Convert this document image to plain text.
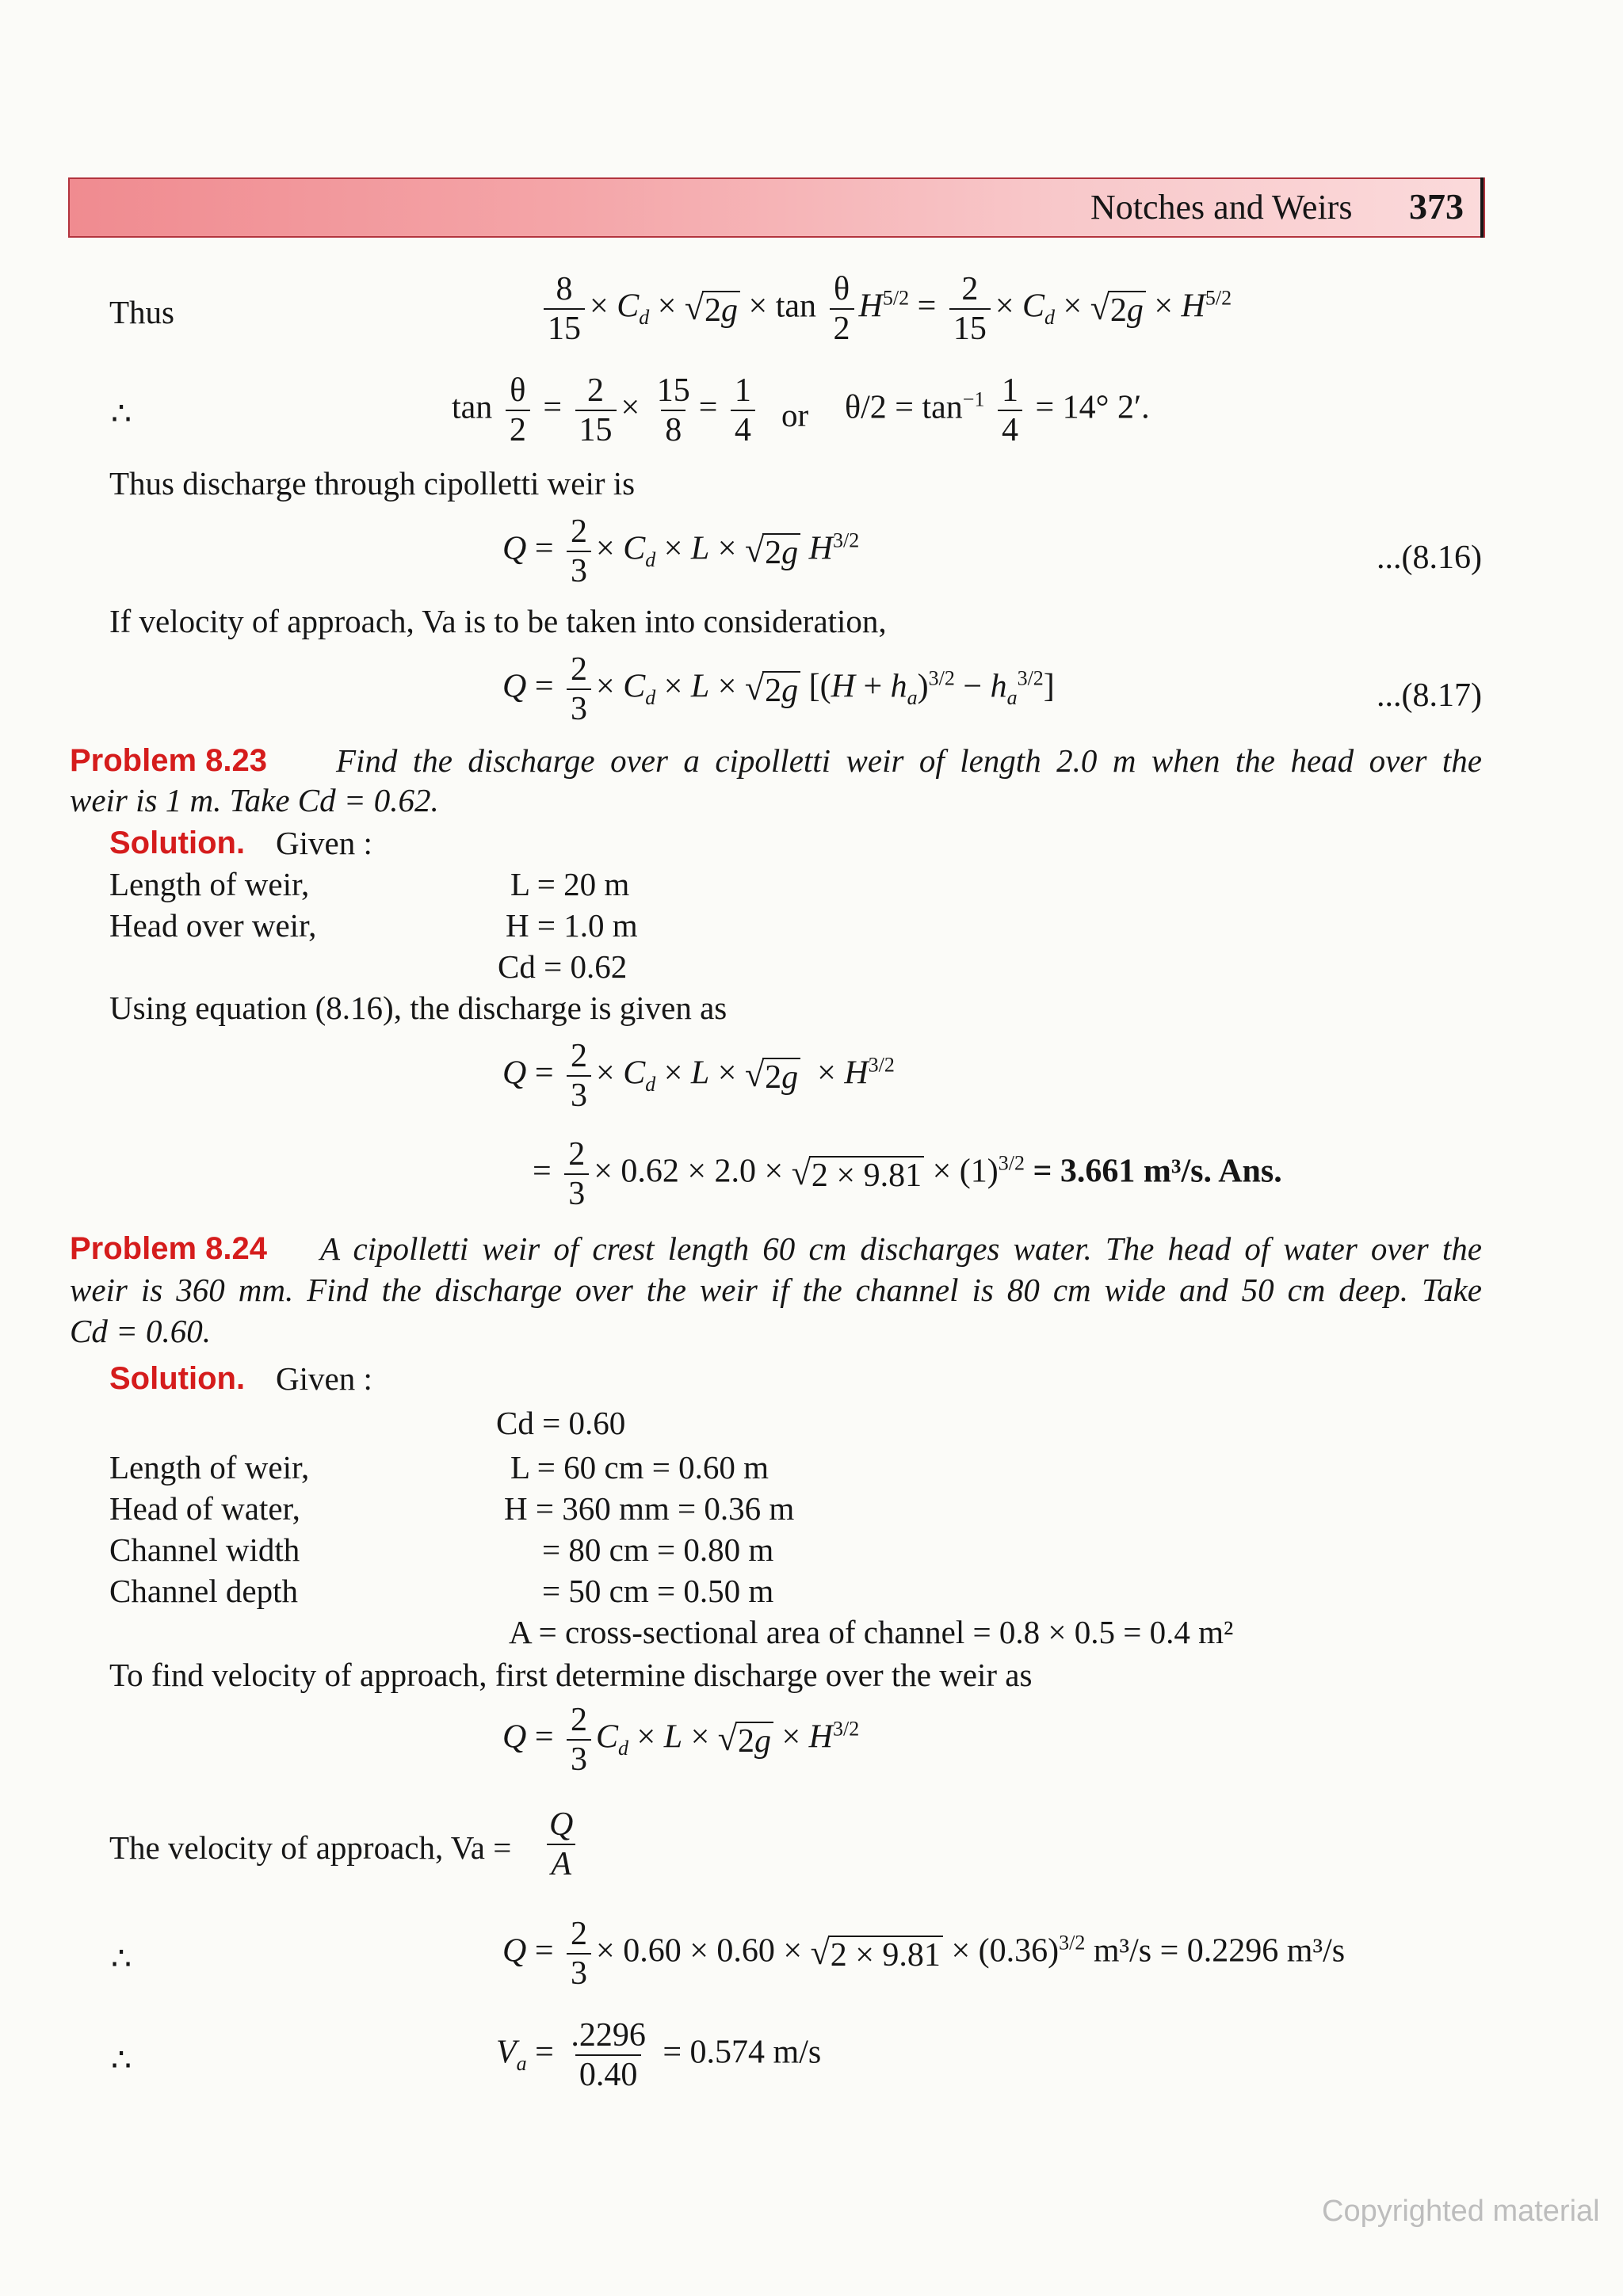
Notches and Weirs 373
Thus	$\frac{8}{15} \times C_d$ × √ $2g \times \tan \frac{\theta}{2} H^{5/2} = \frac{2}{15} \times C_d$ × √ $2g \times H^{5/2}$
∴	$\tan \frac{\theta}{2} = \frac{2}{15} \times \frac{15}{8} = \frac{1}{4}$ or $\theta/2 = \tan^{-1} \frac{1}{4} = 14^\circ$ 2′.
Thus discharge through cipolletti weir is
$Q = \frac{2}{3} \times C_d \times L$ × √ 2g $H^{3/2}$	...(8.16)
If velocity of approach, Va is to be taken into consideration,
$Q = \frac{2}{3} \times C_d \times L$ × √ 2g $[(H + h_a)^{3/2} - h_a^{3/2}]$	...(8.17)
Problem 8.23 Find the discharge over a cipolletti weir of length 2.0 m when the head over the
weir is 1 m. Take Cd = 0.62.
Solution. Given :
Length of weir,	L = 20 m
Head over weir,	H = 1.0 m
Cd = 0.62
Using equation (8.16), the discharge is given as
$Q = \frac{2}{3} \times C_d \times L$ × √ $2g \times H^{3/2}$
= $\frac{2}{3} \times 0.62 \times 2.0$ × √ $2 \times 9.81 \times (1)^{3/2} = 3.661$ m³/s. Ans.
Problem 8.24 A cipolletti weir of crest length 60 cm discharges water. The head of water over the
weir is 360 mm. Find the discharge over the weir if the channel is 80 cm wide and 50 cm deep. Take
Cd = 0.60.
Solution. Given :
Cd = 0.60
Length of weir,	L = 60 cm = 0.60 m
Head of water,	H = 360 mm = 0.36 m
Channel width	= 80 cm = 0.80 m
Channel depth	= 50 cm = 0.50 m
A = cross-sectional area of channel = 0.8 × 0.5 = 0.4 m²
To find velocity of approach, first determine discharge over the weir as
$Q = \frac{2}{3} C_d \times L$ × √ $2g \times H^{3/2}$
The velocity of approach, $Va = \frac{Q}{A}$
∴	$Q = \frac{2}{3} \times 0.60 \times 0.60$ × √ $2 \times 9.81 \times (0.36)^{3/2}$ m³/s = 0.2296 m³/s
∴	$V_a = \frac{.2296}{0.40} = 0.574$ m/s
Copyrighted material
